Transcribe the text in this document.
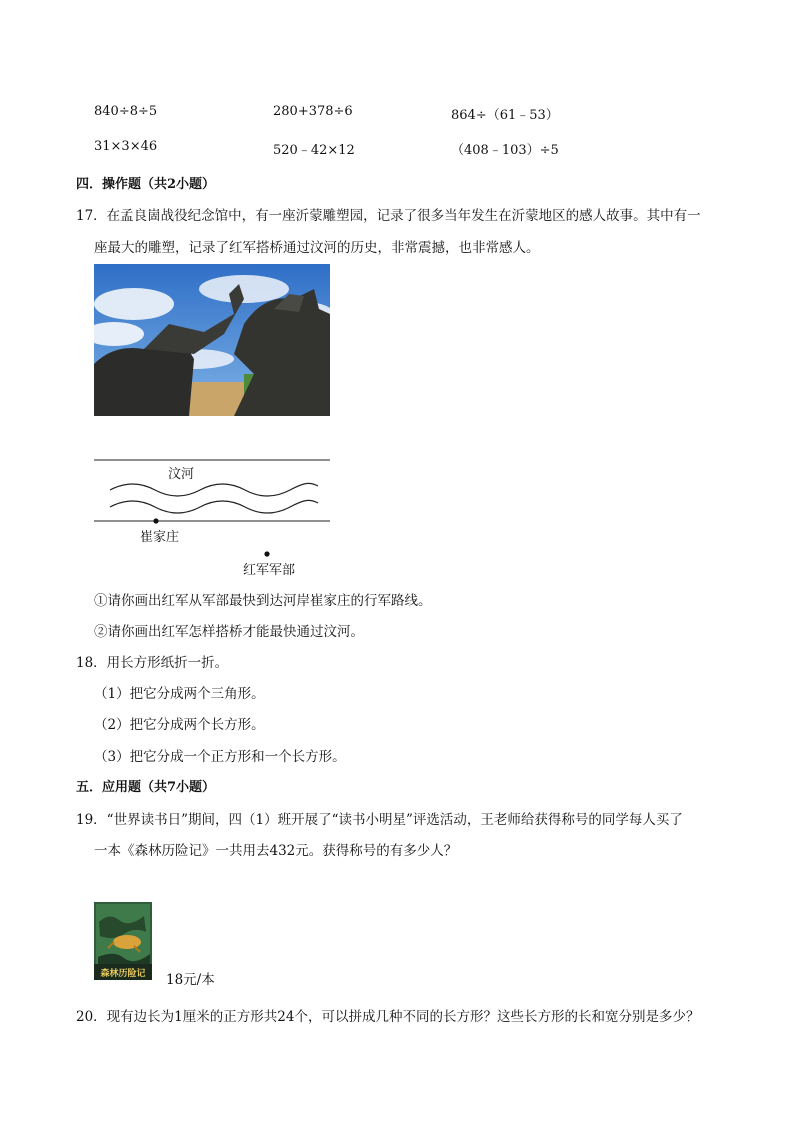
840÷8÷5	280+378÷6	864÷（61﹣53）
31×3×46	520﹣42×12	（408﹣103）÷5
四．操作题（共2小题）
17．在孟良崮战役纪念馆中，有一座沂蒙雕塑园，记录了很多当年发生在沂蒙地区的感人故事。其中有一
座最大的雕塑，记录了红军搭桥通过汶河的历史，非常震撼，也非常感人。
汶河
崔家庄
红军军部
①请你画出红军从军部最快到达河岸崔家庄的行军路线。
②请你画出红军怎样搭桥才能最快通过汶河。
18．用长方形纸折一折。
（1）把它分成两个三角形。
（2）把它分成两个长方形。
（3）把它分成一个正方形和一个长方形。
五．应用题（共7小题）
19．“世界读书日”期间，四（1）班开展了“读书小明星”评选活动，王老师给获得称号的同学每人买了
一本《森林历险记》一共用去432元。获得称号的有多少人？
森林历险记	18元/本
20．现有边长为1厘米的正方形共24个，可以拼成几种不同的长方形？这些长方形的长和宽分别是多少？
